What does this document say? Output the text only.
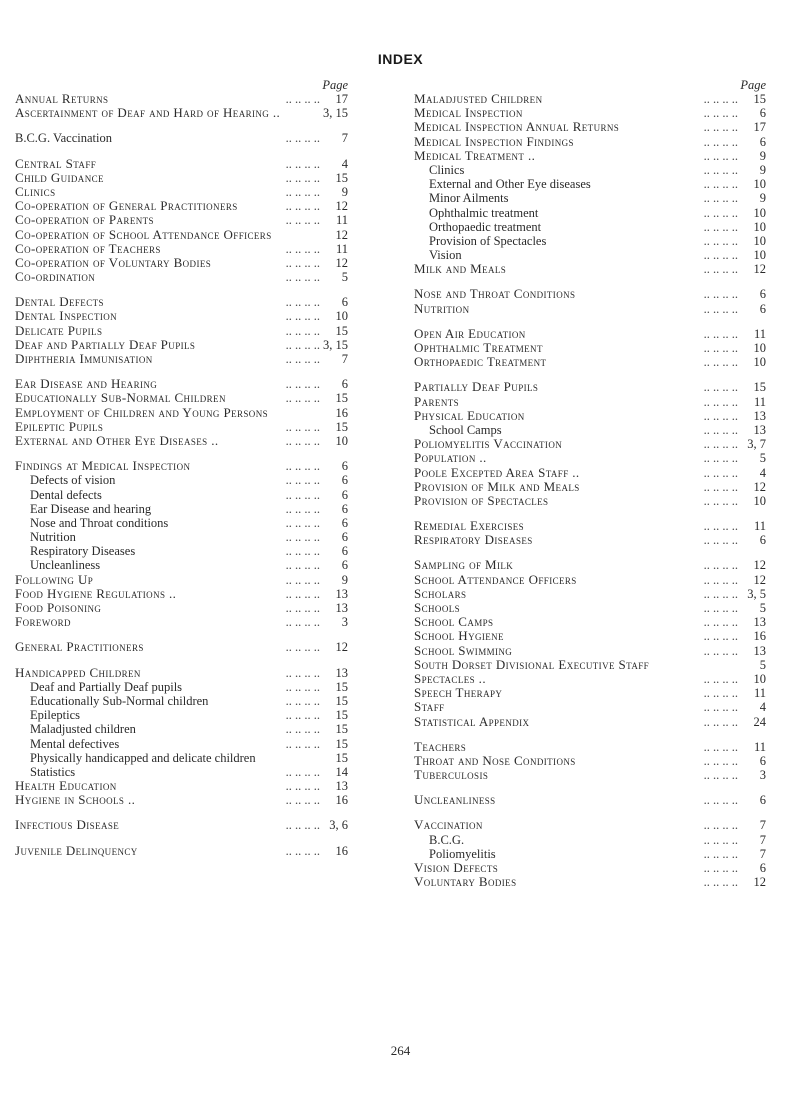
INDEX
Page
Annual Returns	.. .. .. .. 17
Ascertainment of Deaf and Hard of Hearing ..	3, 15
B.C.G. Vaccination	.. .. .. .. 7
Central Staff	.. .. .. .. 4
Child Guidance	.. .. .. .. 15
Clinics	.. .. .. .. 9
Co-operation of General Practitioners	.. .. .. .. 12
Co-operation of Parents	.. .. .. .. 11
Co-operation of School Attendance Officers	12
Co-operation of Teachers	.. .. .. .. 11
Co-operation of Voluntary Bodies	.. .. .. .. 12
Co-ordination	.. .. .. .. 5
Dental Defects	.. .. .. .. 6
Dental Inspection	.. .. .. .. 10
Delicate Pupils	.. .. .. .. 15
Deaf and Partially Deaf Pupils	.. .. .. .. 3, 15
Diphtheria Immunisation	.. .. .. .. 7
Ear Disease and Hearing	.. .. .. .. 6
Educationally Sub-Normal Children	.. .. .. .. 15
Employment of Children and Young Persons	16
Epileptic Pupils	.. .. .. .. 15
External and Other Eye Diseases ..	.. .. .. .. 10
Findings at Medical Inspection	.. .. .. .. 6
Defects of vision	.. .. .. .. 6
Dental defects	.. .. .. .. 6
Ear Disease and hearing	.. .. .. .. 6
Nose and Throat conditions	.. .. .. .. 6
Nutrition	.. .. .. .. 6
Respiratory Diseases	.. .. .. .. 6
Uncleanliness	.. .. .. .. 6
Following Up	.. .. .. .. 9
Food Hygiene Regulations ..	.. .. .. .. 13
Food Poisoning	.. .. .. .. 13
Foreword	.. .. .. .. 3
General Practitioners	.. .. .. .. 12
Handicapped Children	.. .. .. .. 13
Deaf and Partially Deaf pupils	.. .. .. .. 15
Educationally Sub-Normal children	.. .. .. .. 15
Epileptics	.. .. .. .. 15
Maladjusted children	.. .. .. .. 15
Mental defectives	.. .. .. .. 15
Physically handicapped and delicate children	15
Statistics	.. .. .. .. 14
Health Education	.. .. .. .. 13
Hygiene in Schools ..	.. .. .. .. 16
Infectious Disease	.. .. .. .. 3, 6
Juvenile Delinquency	.. .. .. .. 16
Page
Maladjusted Children	.. .. .. .. 15
Medical Inspection	.. .. .. .. 6
Medical Inspection Annual Returns	.. .. .. .. 17
Medical Inspection Findings	.. .. .. .. 6
Medical Treatment ..	.. .. .. .. 9
Clinics	.. .. .. .. 9
External and Other Eye diseases	.. .. .. .. 10
Minor Ailments	.. .. .. .. 9
Ophthalmic treatment	.. .. .. .. 10
Orthopaedic treatment	.. .. .. .. 10
Provision of Spectacles	.. .. .. .. 10
Vision	.. .. .. .. 10
Milk and Meals	.. .. .. .. 12
Nose and Throat Conditions	.. .. .. .. 6
Nutrition	.. .. .. .. 6
Open Air Education	.. .. .. .. 11
Ophthalmic Treatment	.. .. .. .. 10
Orthopaedic Treatment	.. .. .. .. 10
Partially Deaf Pupils	.. .. .. .. 15
Parents	.. .. .. .. 11
Physical Education	.. .. .. .. 13
School Camps	.. .. .. .. 13
Poliomyelitis Vaccination	.. .. .. .. 3, 7
Population ..	.. .. .. .. 5
Poole Excepted Area Staff ..	.. .. .. .. 4
Provision of Milk and Meals	.. .. .. .. 12
Provision of Spectacles	.. .. .. .. 10
Remedial Exercises	.. .. .. .. 11
Respiratory Diseases	.. .. .. .. 6
Sampling of Milk	.. .. .. .. 12
School Attendance Officers	.. .. .. .. 12
Scholars	.. .. .. .. 3, 5
Schools	.. .. .. .. 5
School Camps	.. .. .. .. 13
School Hygiene	.. .. .. .. 16
School Swimming	.. .. .. .. 13
South Dorset Divisional Executive Staff	5
Spectacles ..	.. .. .. .. 10
Speech Therapy	.. .. .. .. 11
Staff	.. .. .. .. 4
Statistical Appendix	.. .. .. .. 24
Teachers	.. .. .. .. 11
Throat and Nose Conditions	.. .. .. .. 6
Tuberculosis	.. .. .. .. 3
Uncleanliness	.. .. .. .. 6
Vaccination	.. .. .. .. 7
B.C.G.	.. .. .. .. 7
Poliomyelitis	.. .. .. .. 7
Vision Defects	.. .. .. .. 6
Voluntary Bodies	.. .. .. .. 12
264
